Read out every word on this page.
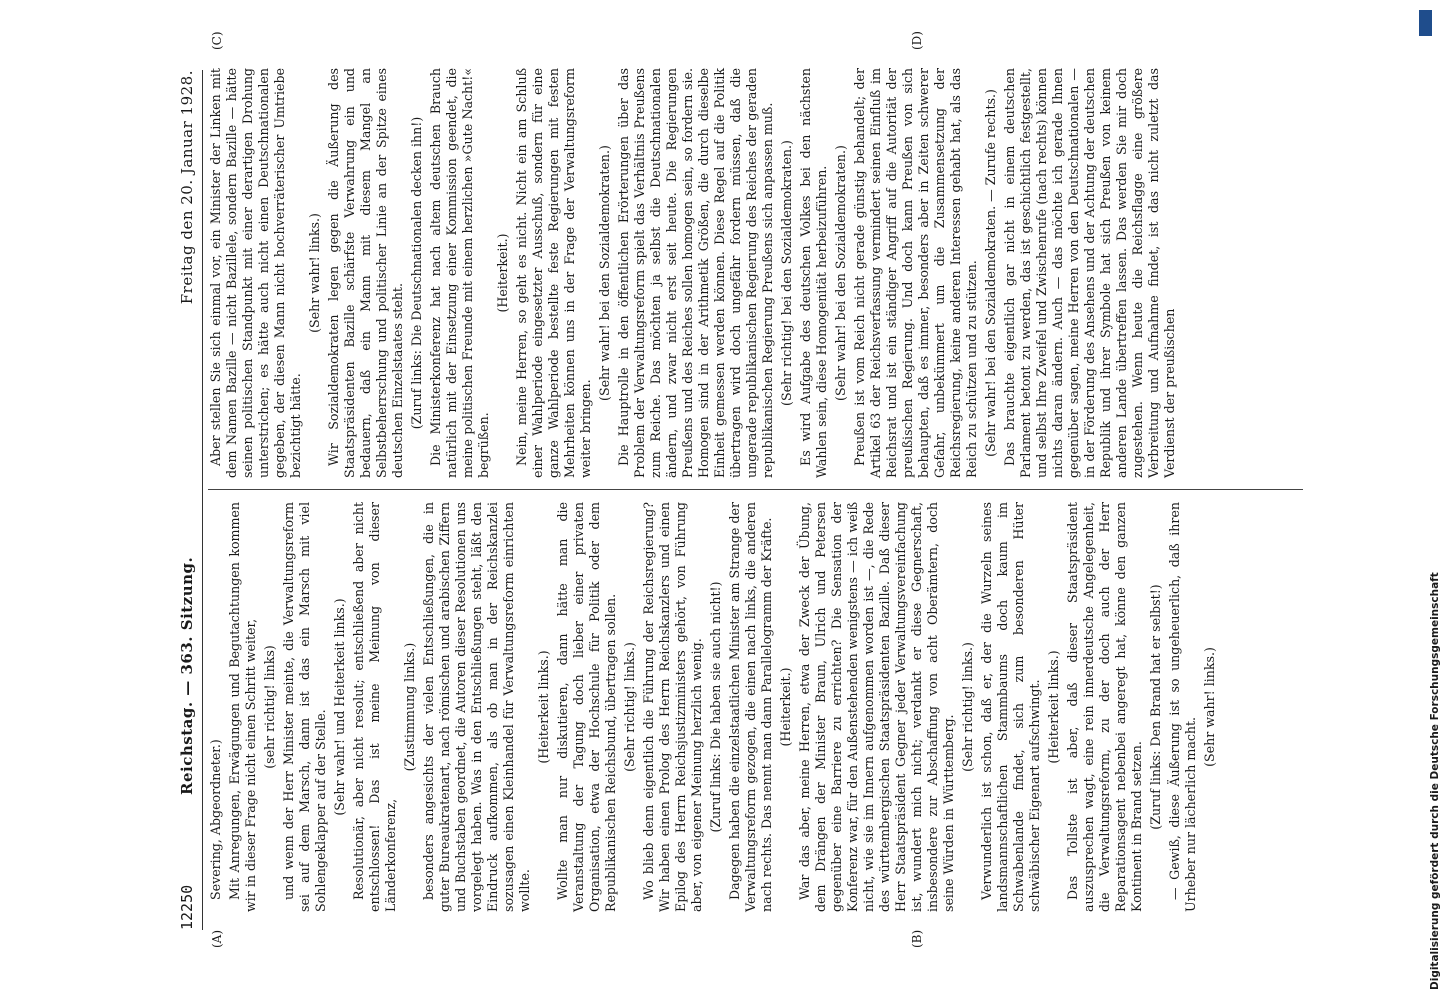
12250
Reichstag. — 363. Sitzung.
Freitag den 20. Januar 1928.
(A)	(B)
(C)	(D)

Severing, Abgeordneter.) Mit Anregungen, Erwägungen und Begutachtungen kommen wir in dieser Frage nicht einen Schritt weiter, (sehr richtig! links) und wenn der Herr Minister meinte, die Verwaltungsreform sei auf dem Marsch, dann ist das ein Marsch mit viel Sohlengeklapper auf der Stelle. (Sehr wahr! und Heiterkeit links.) Resolutionär, aber nicht resolut; entschließend aber nicht entschlossen! Das ist meine Meinung von dieser Länderkonferenz,

(Zustimmung links.) besonders angesichts der vielen Entschließungen, die in guter Bureaukratenart, nach römischen und arabischen Ziffern und Buchstaben geordnet, die Autoren dieser Resolutionen uns vorgelegt haben. Was in den Entschließungen steht, läßt den Eindruck aufkommen, als ob man in der Reichskanzlei sozusagen einen Kleinhandel für Verwaltungsreform einrichten wollte.

(Heiterkeit links.) Wollte man nur diskutieren, dann hätte man die Veranstaltung der Tagung doch lieber einer privaten Organisation, etwa der Hochschule für Politik oder dem Republikanischen Reichsbund, übertragen sollen. (Sehr richtig! links.) Wo blieb denn eigentlich die Führung der Reichsregierung? Wir haben einen Prolog des Herrn Reichskanzlers und einen Epilog des Herrn Reichsjustizministers gehört, von Führung aber, von eigener Meinung herzlich wenig. (Zuruf links: Die haben sie auch nicht!) Dagegen haben die einzelstaatlichen Minister am Strange der Verwaltungsreform gezogen, die einen nach links, die anderen nach rechts. Das nennt man dann Parallelogramm der Kräfte. (Heiterkeit.) War das aber, meine Herren, etwa der Zweck der Übung, dem Drängen der Minister Braun, Ulrich und Petersen gegenüber eine Barriere zu errichten? Die Sensation der Konferenz war, für den Außenstehenden wenigstens — ich weiß nicht, wie sie im Innern aufgenommen worden ist —, die Rede des württembergischen Staatspräsidenten Bazille. Daß dieser Herr Staatspräsident Gegner jeder Verwaltungsvereinfachung ist, wundert mich nicht; verdankt er diese Gegnerschaft, insbesondere zur Abschaffung von acht Oberämtern, doch seine Würden in Württemberg.

(Sehr richtig! links.) Verwunderlich ist schon, daß er, der die Wurzeln seines landsmannschaftlichen Stammbaums doch kaum im Schwabenlande findet, sich zum besonderen Hüter schwäbischer Eigenart aufschwingt. (Heiterkeit links.) Das Tollste ist aber, daß dieser Staatspräsident auszusprechen wagt, eine rein innerdeutsche Angelegenheit, die Verwaltungsreform, zu der doch auch der Herr Reparationsagent nebenbei angeregt hat, könne den ganzen Kontinent in Brand setzen. (Zuruf links: Den Brand hat er selbst!) — Gewiß, diese Äußerung ist so ungeheuerlich, daß ihren Urheber nur lächerlich macht.

(Sehr wahr! links.)

Aber stellen Sie sich einmal vor, ein Minister der Linken mit dem Namen Bazille — nicht Bazillele, sondern Bazille — hätte seinen politischen Standpunkt mit einer derartigen Drohung unterstrichen; es hätte auch nicht einen Deutschnationalen gegeben, der diesen Mann nicht hochverräterischer Umtriebe bezichtigt hätte.

(Sehr wahr! links.) Wir Sozialdemokraten legen gegen die Äußerung des Staatspräsidenten Bazille schärfste Verwahrung ein und bedauern, daß ein Mann mit diesem Mangel an Selbstbeherrschung und politischer Linie an der Spitze eines deutschen Einzelstaates steht. (Zuruf links: Die Deutschnationalen decken ihn!) Die Ministerkonferenz hat nach altem deutschen Brauch natürlich mit der Einsetzung einer Kommission geendet, die meine politischen Freunde mit einem herzlichen »Gute Nacht!« begrüßen.

(Heiterkeit.) Nein, meine Herren, so geht es nicht. Nicht ein am Schluß einer Wahlperiode eingesetzter Ausschuß, sondern für eine ganze Wahlperiode bestellte feste Regierungen mit festen Mehrheiten können uns in der Frage der Verwaltungsreform weiter bringen.

(Sehr wahr! bei den Sozialdemokraten.) Die Hauptrolle in den öffentlichen Erörterungen über das Problem der Verwaltungsreform spielt das Verhältnis Preußens zum Reiche. Das möchten ja selbst die Deutschnationalen ändern, und zwar nicht erst seit heute. Die Regierungen Preußens und des Reiches sollen homogen sein, so fordern sie. Homogen sind in der Arithmetik Größen, die durch dieselbe Einheit gemessen werden können. Diese Regel auf die Politik übertragen wird doch ungefähr fordern müssen, daß die ungerade republikanischen Regierung des Reiches der geraden republikanischen Regierung Preußens sich anpassen muß. (Sehr richtig! bei den Sozialdemokraten.) Es wird Aufgabe des deutschen Volkes bei den nächsten Wahlen sein, diese Homogenität herbeizuführen. (Sehr wahr! bei den Sozialdemokraten.) Preußen ist vom Reich nicht gerade günstig behandelt; der Artikel 63 der Reichsverfassung vermindert seinen Einfluß im Reichsrat und ist ein ständiger Angriff auf die Autorität der preußischen Regierung. Und doch kann Preußen von sich behaupten, daß es immer, besonders aber in Zeiten schwerer Gefahr, unbekümmert um die Zusammensetzung der Reichsregierung, keine anderen Interessen gehabt hat, als das Reich zu schützen und zu stützen. (Sehr wahr! bei den Sozialdemokraten. — Zurufe rechts.) Das brauchte eigentlich gar nicht in einem deutschen Parlament betont zu werden, das ist geschichtlich festgestellt, und selbst Ihre Zweifel und Zwischenrufe (nach rechts) können nichts daran ändern. Auch — das möchte ich gerade Ihnen gegenüber sagen, meine Herren von den Deutschnationalen — in der Förderung des Ansehens und der Achtung der deutschen Republik und ihrer Symbole hat sich Preußen von keinem anderen Lande übertreffen lassen. Das werden Sie mir doch zugestehen. Wenn heute die Reichsflagge eine größere Verbreitung und Aufnahme findet, ist das nicht zuletzt das Verdienst der preußischen

Digitalisierung gefördert durch die Deutsche Forschungsgemeinschaft
